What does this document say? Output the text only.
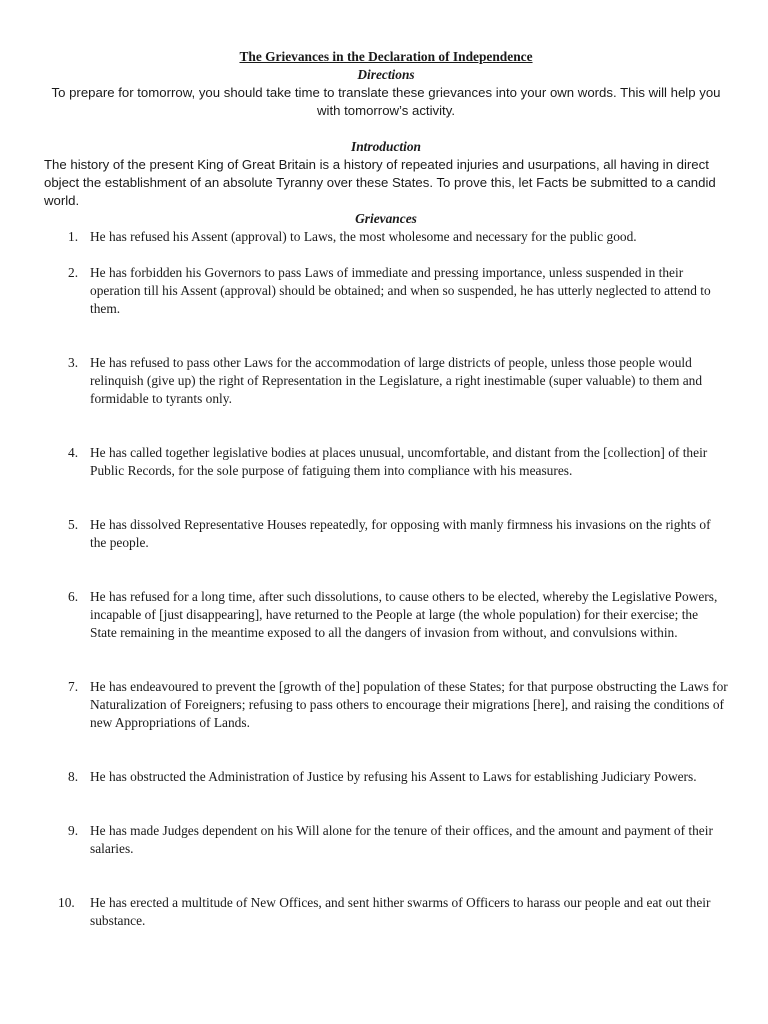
The Grievances in the Declaration of Independence

Directions

To prepare for tomorrow, you should take time to translate these grievances into your own words. This will help you with tomorrow’s activity.

Introduction

The history of the present King of Great Britain is a history of repeated injuries and usurpations, all having in direct object the establishment of an absolute Tyranny over these States. To prove this, let Facts be submitted to a candid world.

Grievances

1. He has refused his Assent (approval) to Laws, the most wholesome and necessary for the public good.
2. He has forbidden his Governors to pass Laws of immediate and pressing importance, unless suspended in their operation till his Assent (approval) should be obtained; and when so suspended, he has utterly neglected to attend to them.
3. He has refused to pass other Laws for the accommodation of large districts of people, unless those people would relinquish (give up) the right of Representation in the Legislature, a right inestimable (super valuable) to them and formidable to tyrants only.
4. He has called together legislative bodies at places unusual, uncomfortable, and distant from the [collection] of their Public Records, for the sole purpose of fatiguing them into compliance with his measures.
5. He has dissolved Representative Houses repeatedly, for opposing with manly firmness his invasions on the rights of the people.
6. He has refused for a long time, after such dissolutions, to cause others to be elected, whereby the Legislative Powers, incapable of [just disappearing], have returned to the People at large (the whole population) for their exercise; the State remaining in the meantime exposed to all the dangers of invasion from without, and convulsions within.
7. He has endeavoured to prevent the [growth of the] population of these States; for that purpose obstructing the Laws for Naturalization of Foreigners; refusing to pass others to encourage their migrations [here], and raising the conditions of new Appropriations of Lands.
8. He has obstructed the Administration of Justice by refusing his Assent to Laws for establishing Judiciary Powers.
9. He has made Judges dependent on his Will alone for the tenure of their offices, and the amount and payment of their salaries.
10. He has erected a multitude of New Offices, and sent hither swarms of Officers to harass our people and eat out their substance.
